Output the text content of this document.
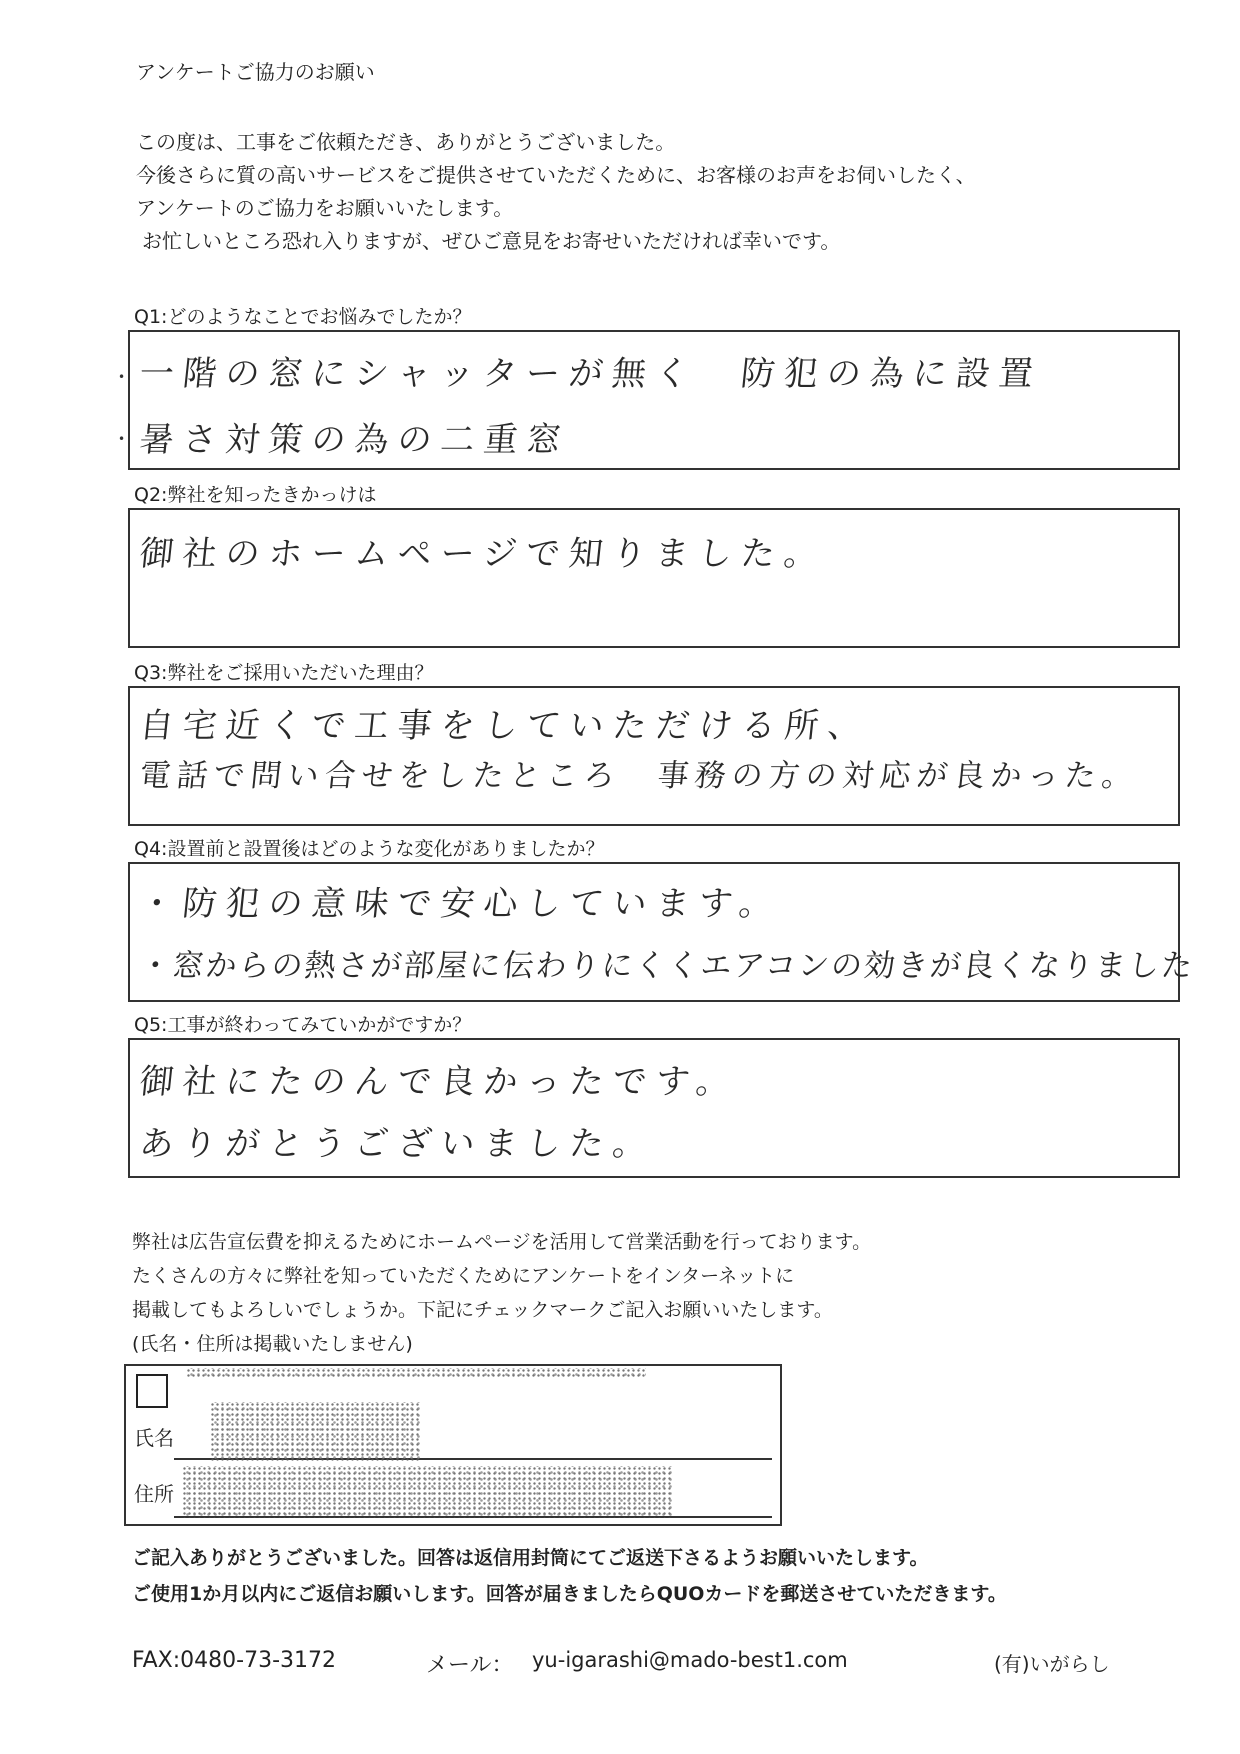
アンケートご協力のお願い
この度は、工事をご依頼ただき、ありがとうございました。
今後さらに質の高いサービスをご提供させていただくために、お客様のお声をお伺いしたく、
アンケートのご協力をお願いいたします。
お忙しいところ恐れ入りますが、ぜひご意見をお寄せいただければ幸いです。
Q1:どのようなことでお悩みでしたか？
一階の窓にシャッターが無く　防犯の為に設置
暑さ対策の為の二重窓
•
•
Q2:弊社を知ったきかっけは
御社のホームページで知りました。
Q3:弊社をご採用いただいた理由？
自宅近くで工事をしていただける所、
電話で問い合せをしたところ　事務の方の対応が良かった。
Q4:設置前と設置後はどのような変化がありましたか？
・防犯の意味で安心しています。
・窓からの熱さが部屋に伝わりにくくエアコンの効きが良くなりました
Q5:工事が終わってみていかがですか？
御社にたのんで良かったです。
ありがとうございました。
弊社は広告宣伝費を抑えるためにホームページを活用して営業活動を行っております。
たくさんの方々に弊社を知っていただくためにアンケートをインターネットに
掲載してもよろしいでしょうか。下記にチェックマークご記入お願いいたします。
(氏名・住所は掲載いたしません)
氏名
住所
ご記入ありがとうございました。回答は返信用封筒にてご返送下さるようお願いいたします。
ご使用1か月以内にご返信お願いします。回答が届きましたらQUOカードを郵送させていただきます。
FAX:0480-73-3172	メール： yu-igarashi@mado-best1.com	(有)いがらし
